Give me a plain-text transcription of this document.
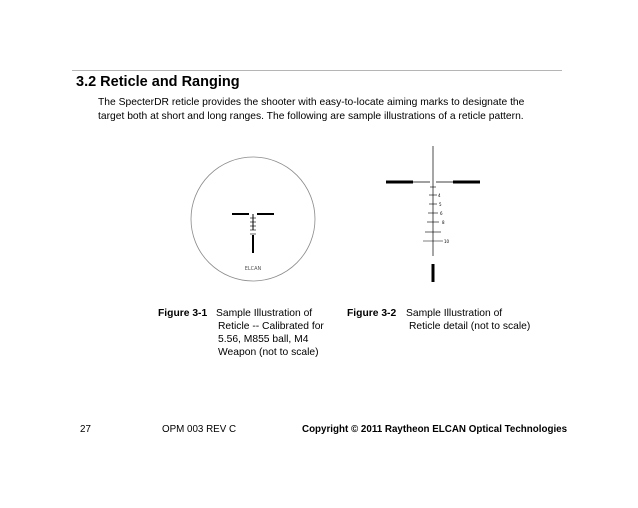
3.2 Reticle and Ranging
The SpecterDR reticle provides the shooter with easy-to-locate aiming marks to designate the
target both at short and long ranges. The following are sample illustrations of a reticle pattern.
ELCAN
4
5
6
8
10
Figure 3-1 Sample Illustration of
Reticle -- Calibrated for
5.56, M855 ball, M4
Weapon (not to scale)
Figure 3-2 Sample Illustration of
Reticle detail (not to scale)
27	OPM 003 REV C	Copyright © 2011 Raytheon ELCAN Optical Technologies
